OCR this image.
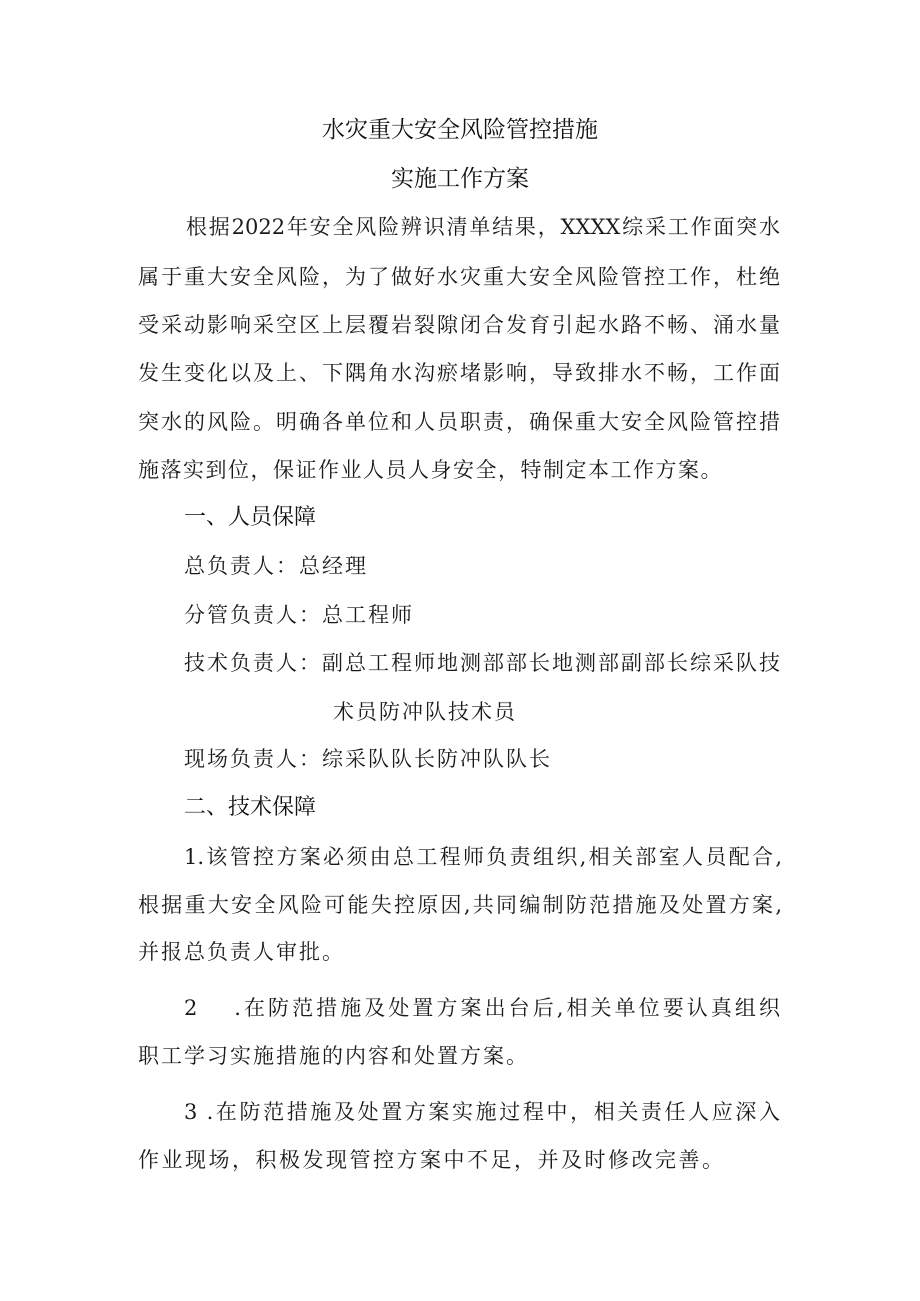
水灾重大安全风险管控措施
实施工作方案
根据2022年安全风险辨识清单结果，XXXX综采工作面突水
属于重大安全风险，为了做好水灾重大安全风险管控工作，杜绝
受采动影响采空区上层覆岩裂隙闭合发育引起水路不畅、涌水量
发生变化以及上、下隅角水沟瘀堵影响，导致排水不畅，工作面
突水的风险。明确各单位和人员职责，确保重大安全风险管控措
施落实到位，保证作业人员人身安全，特制定本工作方案。
一、人员保障
总负责人：总经理
分管负责人：总工程师
技术负责人：副总工程师地测部部长地测部副部长综采队技
术员防冲队技术员
现场负责人：综采队队长防冲队队长
二、技术保障
1.该管控方案必须由总工程师负责组织,相关部室人员配合,
根据重大安全风险可能失控原因,共同编制防范措施及处置方案,
并报总负责人审批。
2　 .在防范措施及处置方案出台后,相关单位要认真组织
职工学习实施措施的内容和处置方案。
3 .在防范措施及处置方案实施过程中，相关责任人应深入
作业现场，积极发现管控方案中不足，并及时修改完善。
